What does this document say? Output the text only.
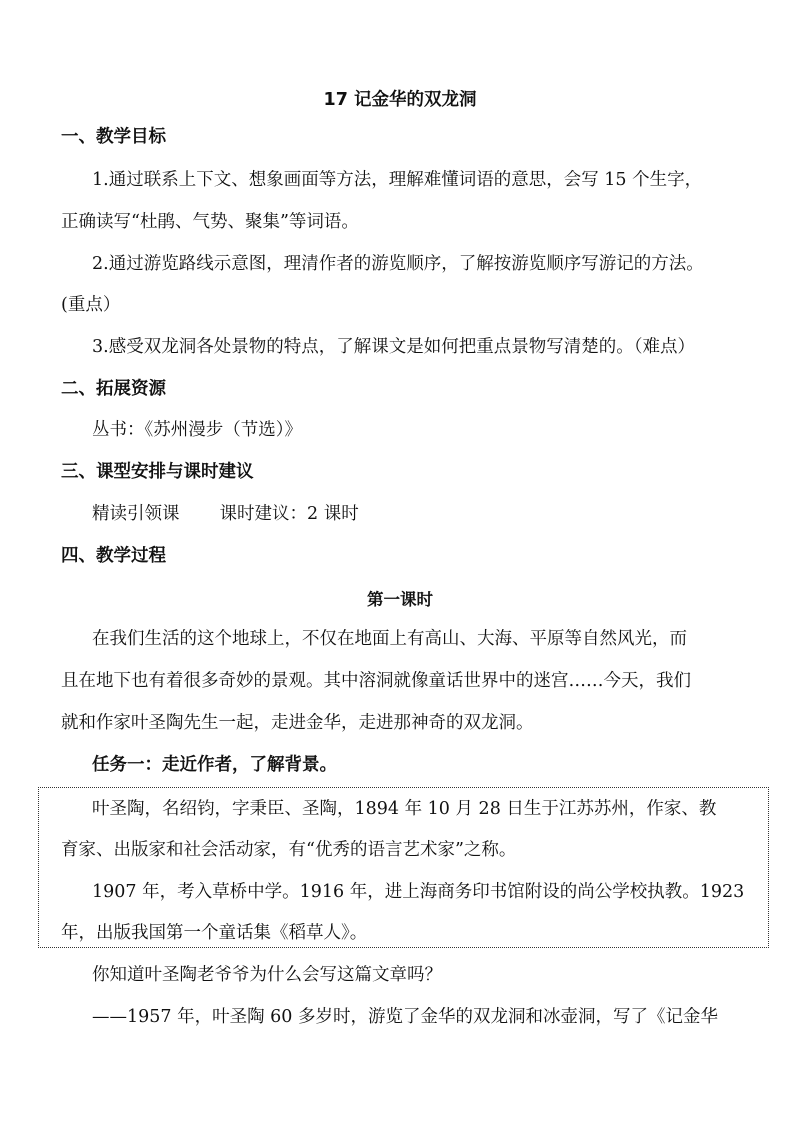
17 记金华的双龙洞
一、教学目标
1.通过联系上下文、想象画面等方法，理解难懂词语的意思，会写 15 个生字，
正确读写“杜鹃、气势、聚集”等词语。
2.通过游览路线示意图，理清作者的游览顺序，了解按游览顺序写游记的方法。
(重点）
3.感受双龙洞各处景物的特点，了解课文是如何把重点景物写清楚的。（难点）
二、拓展资源
丛书：《苏州漫步（节选）》
三、课型安排与课时建议
精读引领课 课时建议：2 课时
四、教学过程
第一课时
在我们生活的这个地球上，不仅在地面上有高山、大海、平原等自然风光，而
且在地下也有着很多奇妙的景观。其中溶洞就像童话世界中的迷宫……今天，我们
就和作家叶圣陶先生一起，走进金华，走进那神奇的双龙洞。
任务一：走近作者，了解背景。
叶圣陶，名绍钧，字秉臣、圣陶，1894 年 10 月 28 日生于江苏苏州，作家、教
育家、出版家和社会活动家，有“优秀的语言艺术家”之称。
1907 年，考入草桥中学。1916 年，进上海商务印书馆附设的尚公学校执教。1923
年，出版我国第一个童话集《稻草人》。
你知道叶圣陶老爷爷为什么会写这篇文章吗？
——1957 年，叶圣陶 60 多岁时，游览了金华的双龙洞和冰壶洞，写了《记金华
